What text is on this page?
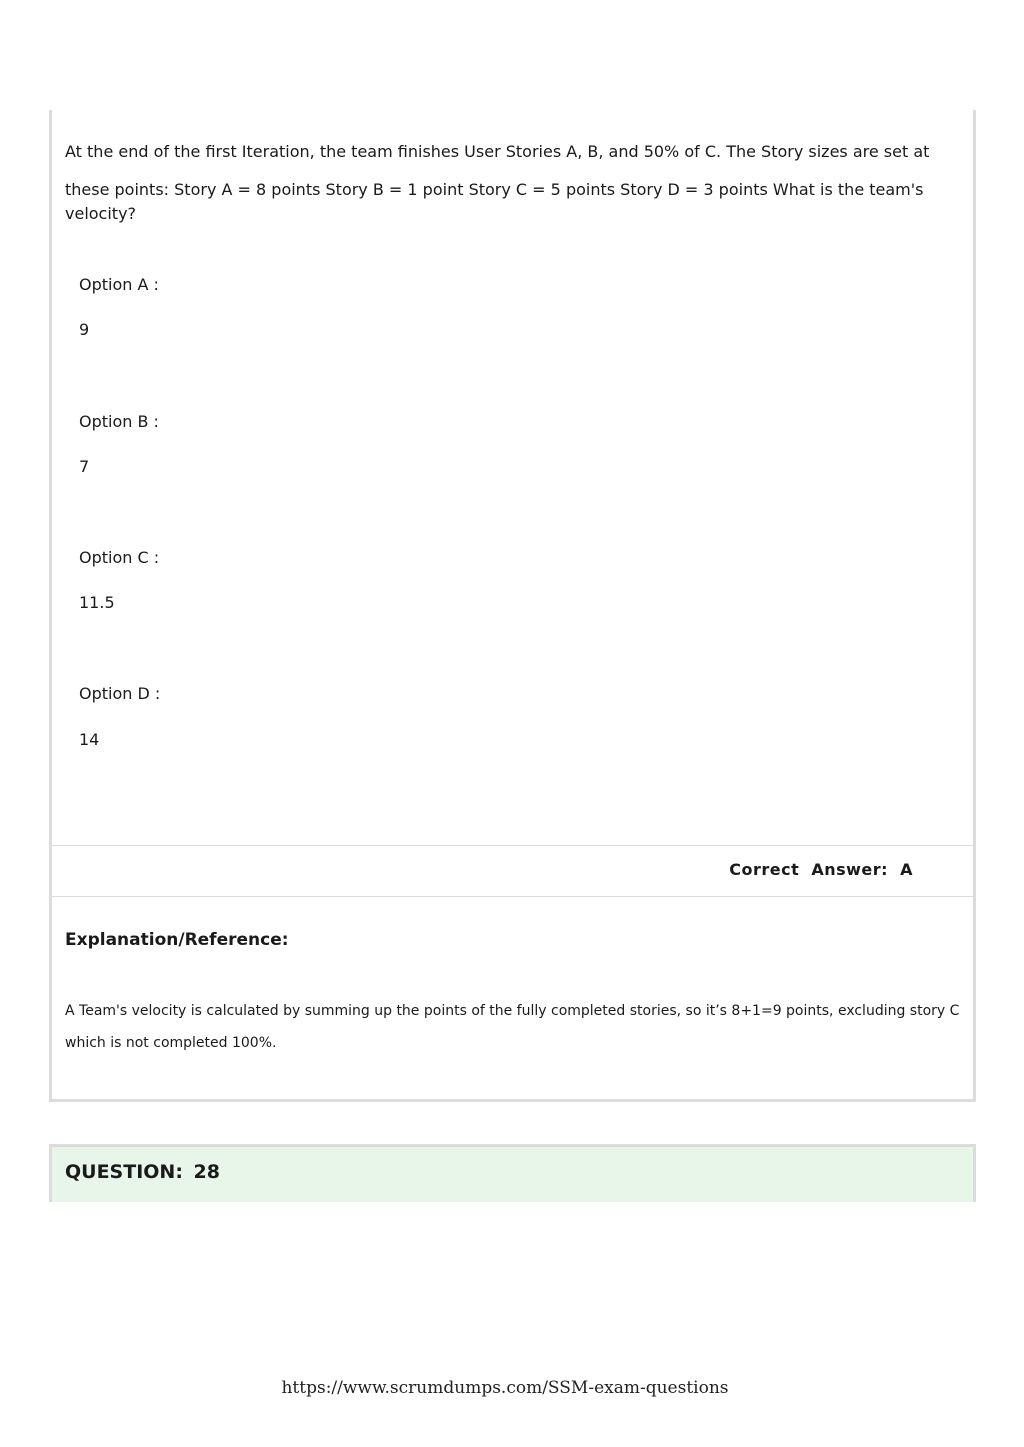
At the end of the first Iteration, the team finishes User Stories A, B, and 50% of C. The Story sizes are set at
these points: Story A = 8 points Story B = 1 point Story C = 5 points Story D = 3 points What is the team's velocity?

Option A :

9

Option B :

7

Option C :

11.5

Option D :

14

Correct Answer: A

Explanation/Reference:

A Team's velocity is calculated by summing up the points of the fully completed stories, so it’s 8+1=9 points, excluding story C which is not completed 100%.

QUESTION: 28

https://www.scrumdumps.com/SSM-exam-questions
